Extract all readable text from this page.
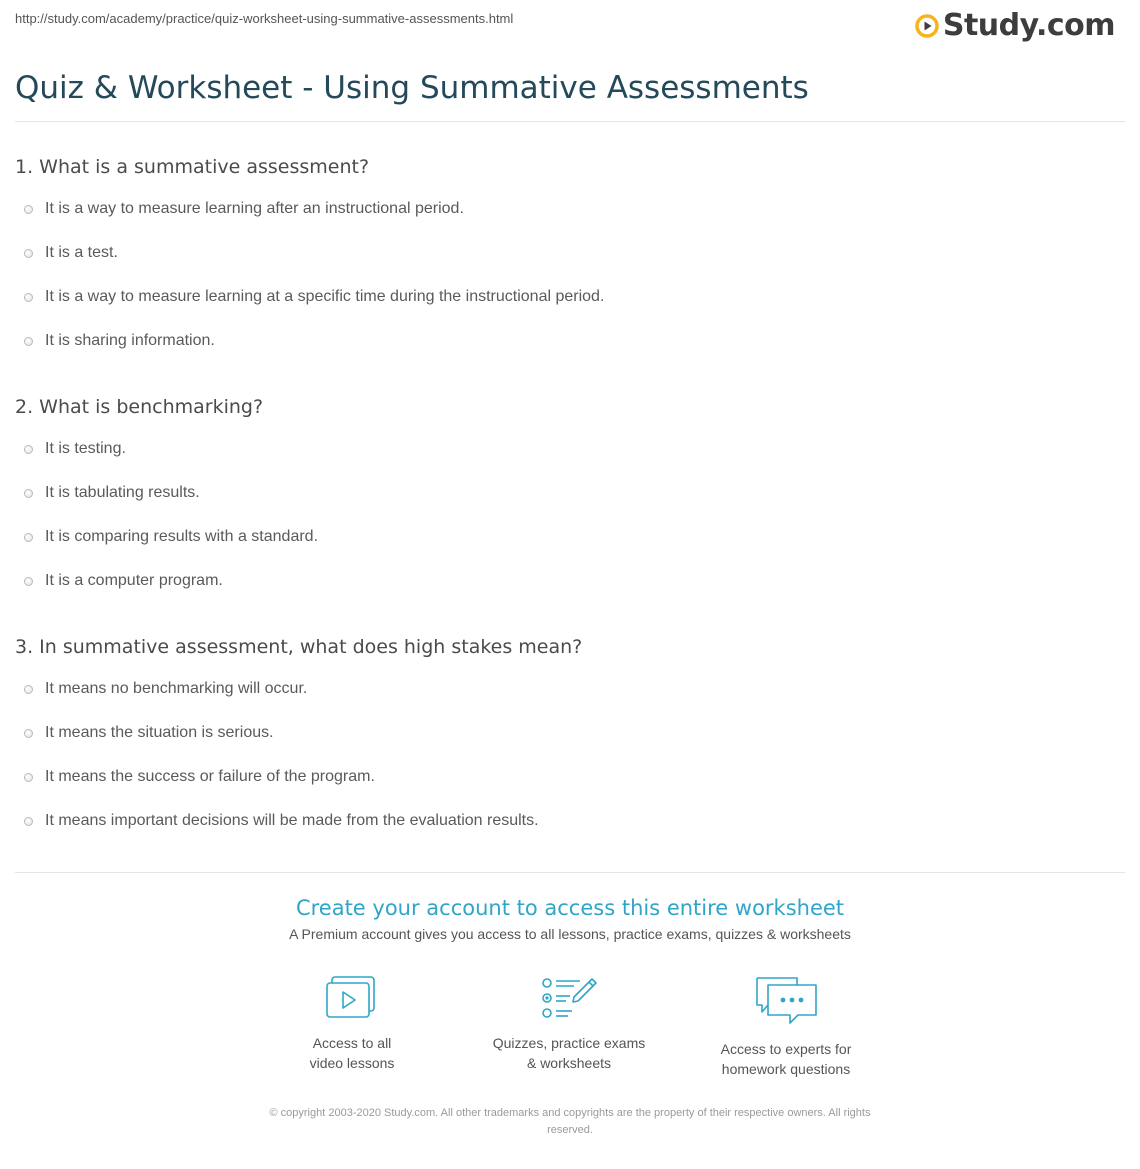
http://study.com/academy/practice/quiz-worksheet-using-summative-assessments.html	Study.com
Quiz & Worksheet - Using Summative Assessments
1. What is a summative assessment?
It is a way to measure learning after an instructional period.
It is a test.
It is a way to measure learning at a specific time during the instructional period.
It is sharing information.
2. What is benchmarking?
It is testing.
It is tabulating results.
It is comparing results with a standard.
It is a computer program.
3. In summative assessment, what does high stakes mean?
It means no benchmarking will occur.
It means the situation is serious.
It means the success or failure of the program.
It means important decisions will be made from the evaluation results.
Create your account to access this entire worksheet
A Premium account gives you access to all lessons, practice exams, quizzes & worksheets
Access to all
video lessons
Quizzes, practice exams
& worksheets
Access to experts for
homework questions
© copyright 2003-2020 Study.com. All other trademarks and copyrights are the property of their respective owners. All rights
reserved.
